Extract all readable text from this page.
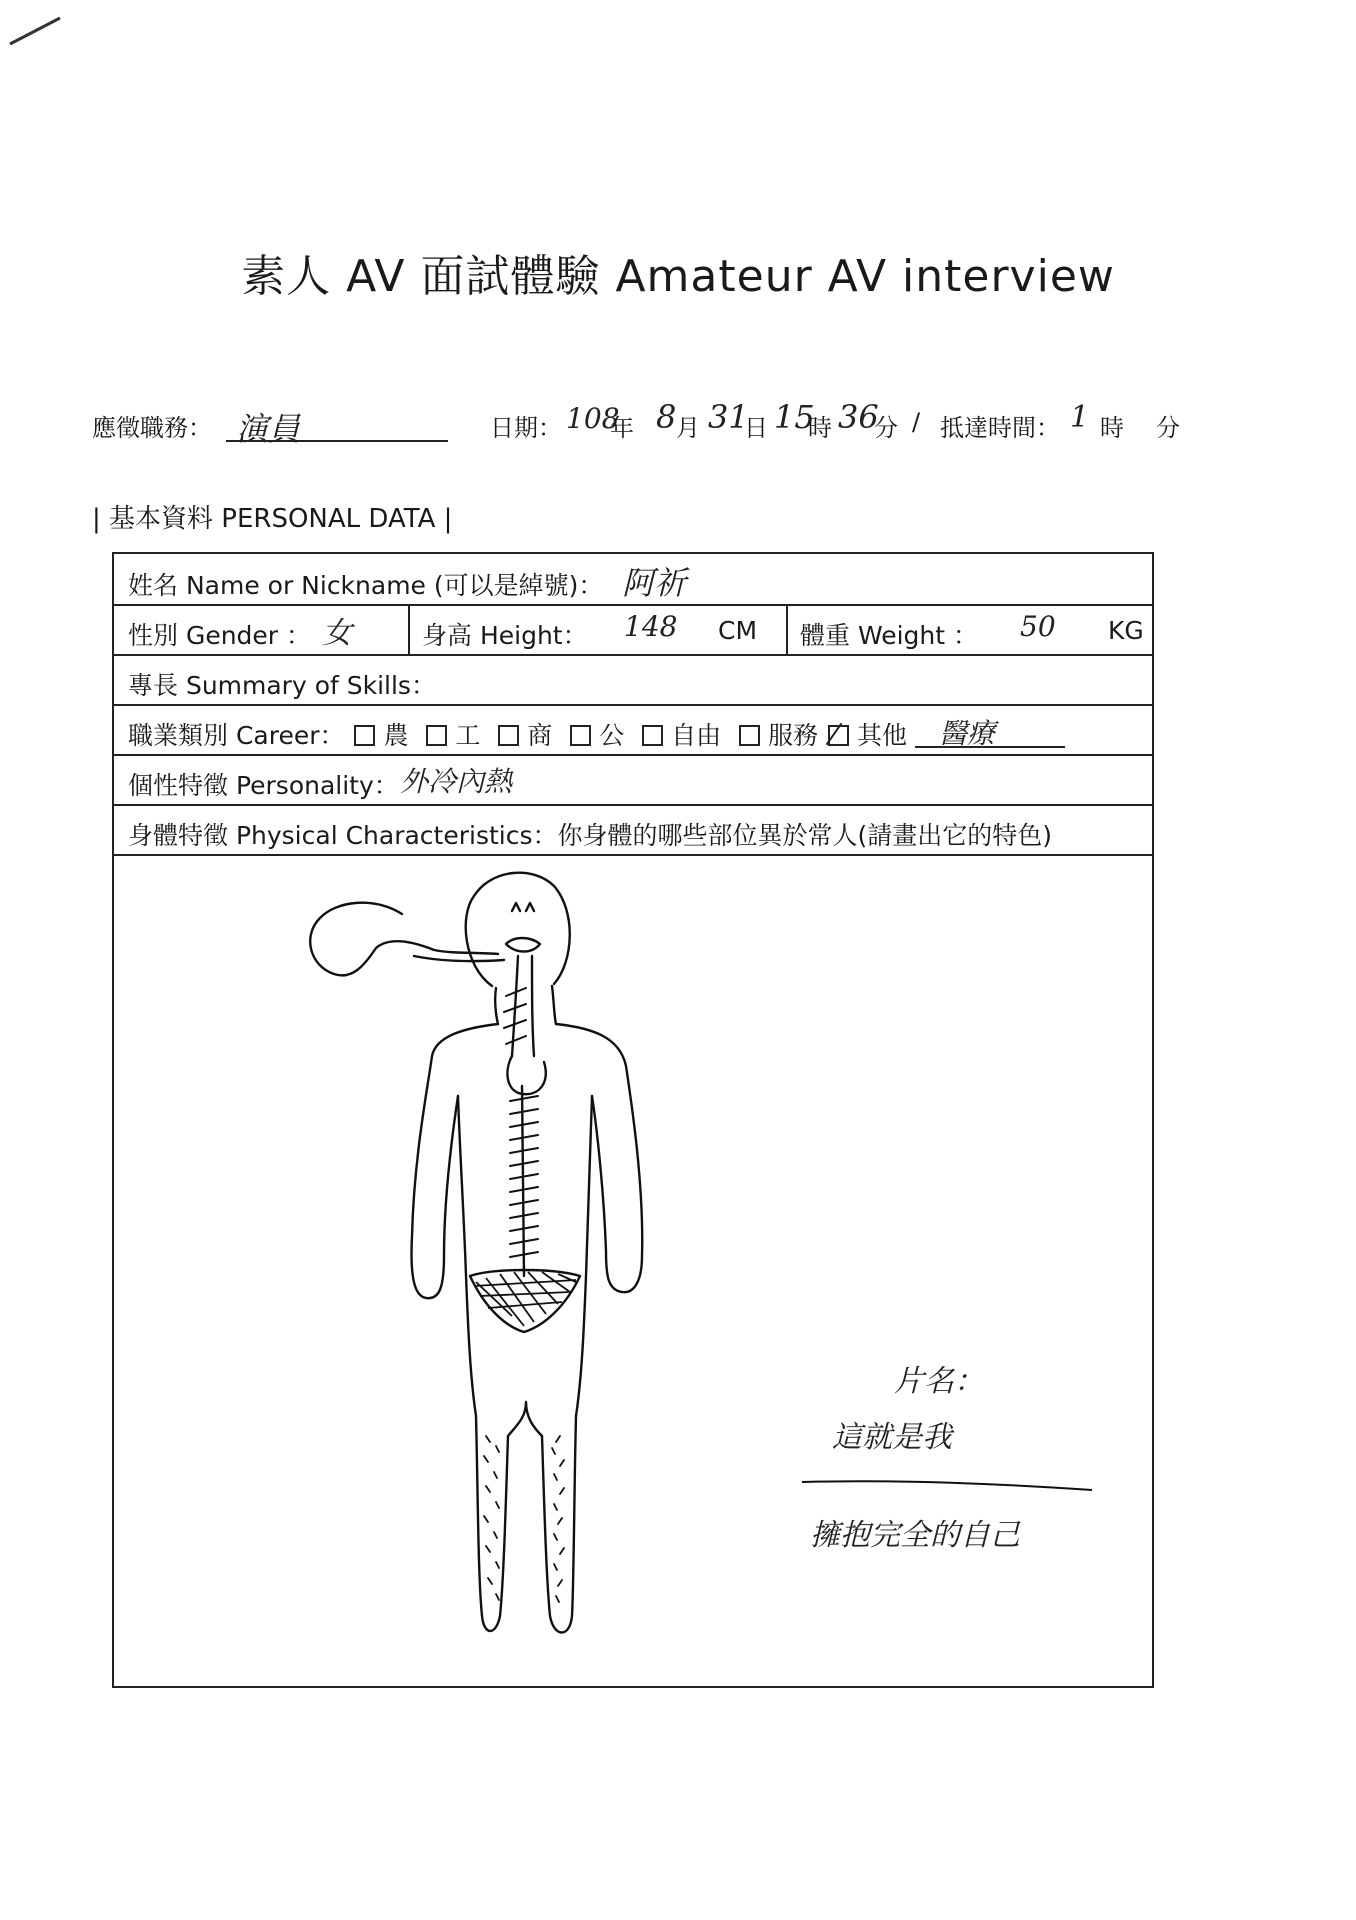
素人 AV 面試體驗 Amateur AV interview
應徵職務： 演員	日期： 108
年 8 月 31
日 15
時 36
分 / 抵達時間： 1 時 分
| 基本資料 PERSONAL DATA |
姓名 Name or Nickname (可以是綽號)： 阿祈
性別 Gender ： 女	身高 Height： 148 CM 體重 Weight ： 50 KG
專長 Summary of Skills：
職業類別 Career： 農 工 商 公 自由 服務 其他 醫療
個性特徵 Personality： 外冷內熱
身體特徵 Physical Characteristics：你身體的哪些部位異於常人(請畫出它的特色)
片名：
這就是我
擁抱完全的自己
